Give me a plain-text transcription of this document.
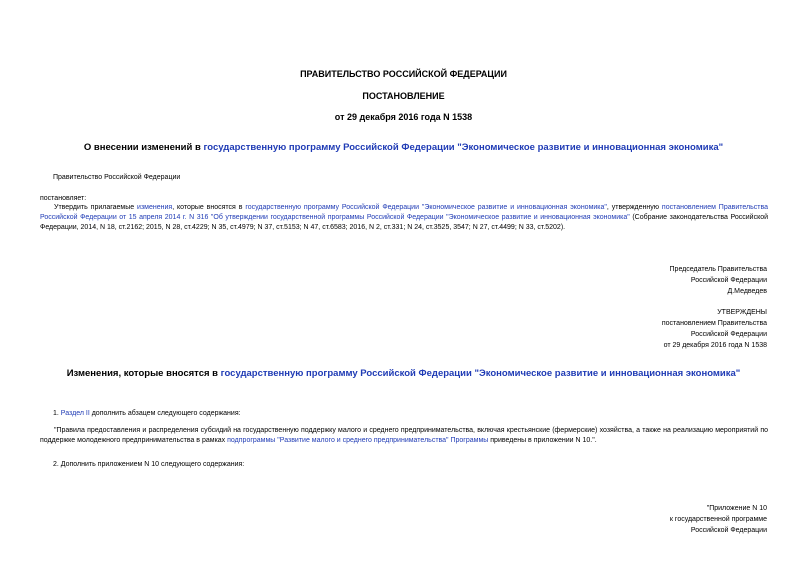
ПРАВИТЕЛЬСТВО РОССИЙСКОЙ ФЕДЕРАЦИИ
ПОСТАНОВЛЕНИЕ
от 29 декабря 2016 года N 1538
О внесении изменений в государственную программу Российской Федерации "Экономическое развитие и инновационная экономика"
Правительство Российской Федерации
постановляет:
Утвердить прилагаемые изменения, которые вносятся в государственную программу Российской Федерации "Экономическое развитие и инновационная экономика", утвержденную постановлением Правительства Российской Федерации от 15 апреля 2014 г. N 316 "Об утверждении государственной программы Российской Федерации "Экономическое развитие и инновационная экономика" (Собрание законодательства Российской Федерации, 2014, N 18, ст.2162; 2015, N 28, ст.4229; N 35, ст.4979; N 37, ст.5153; N 47, ст.6583; 2016, N 2, ст.331; N 24, ст.3525, 3547; N 27, ст.4499; N 33, ст.5202).
Председатель Правительства
Российской Федерации
Д.Медведев
УТВЕРЖДЕНЫ
постановлением Правительства
Российской Федерации
от 29 декабря 2016 года N 1538
Изменения, которые вносятся в государственную программу Российской Федерации "Экономическое развитие и инновационная экономика"
1. Раздел II дополнить абзацем следующего содержания:
"Правила предоставления и распределения субсидий на государственную поддержку малого и среднего предпринимательства, включая крестьянские (фермерские) хозяйства, а также на реализацию мероприятий по поддержке молодежного предпринимательства в рамках подпрограммы "Развитие малого и среднего предпринимательства" Программы приведены в приложении N 10.".
2. Дополнить приложением N 10 следующего содержания:
"Приложение N 10
к государственной программе
Российской Федерации
